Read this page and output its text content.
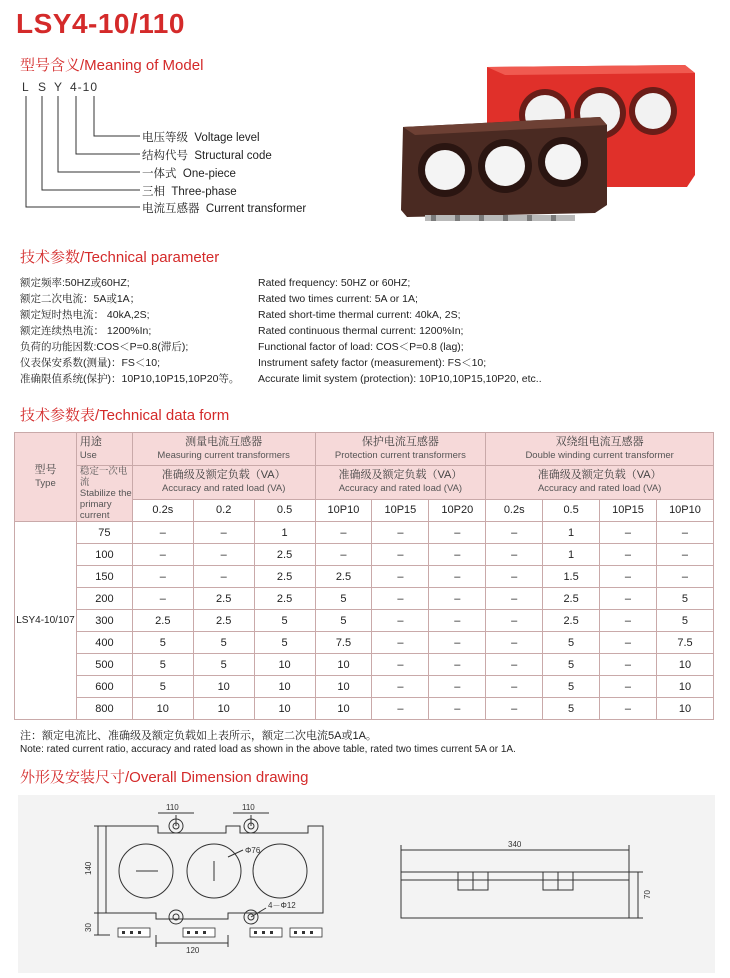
LSY4-10/110
型号含义/Meaning of Model
L S Y 4-10
电压等级 Voltage level
结构代号 Structural code
一体式 One-piece
三相 Three-phase
电流互感器 Current transformer
技术参数/Technical parameter
额定频率:50HZ或60HZ;
额定二次电流：5A或1A；
额定短时热电流： 40kA,2S;
额定连续热电流： 1200%In;
负荷的功能因数:COS＜P=0.8(滞后);
仪表保安系数(测量)：FS＜10;
准确限值系统(保护)：10P10,10P15,10P20等。
Rated frequency: 50HZ or 60HZ;
Rated two times current: 5A or 1A;
Rated short-time thermal current: 40kA, 2S;
Rated continuous thermal current: 1200%In;
Functional factor of load: COS＜P=0.8 (lag);
Instrument safety factor (measurement): FS＜10;
Accurate limit system (protection): 10P10,10P15,10P20, etc..
技术参数表/Technical data form
型号
Type	用途
Use	测量电流互感器
Measuring current transformers			保护电流互感器
Protection current transformers			双绕组电流互感器
Double winding current transformer			
	稳定一次电流
Stabilize the
primary current	准确级及额定负载（VA）
Accuracy and rated load (VA)			准确级及额定负载（VA）
Accuracy and rated load (VA)			准确级及额定负载（VA）
Accuracy and rated load (VA)			
		0.2s	0.2	0.5	10P10	10P15	10P20	0.2s	0.5	10P15	10P10
LSY4-10/107	75	–	–	1	–	–	–	–	1	–	–
	100	–	–	2.5	–	–	–	–	1	–	–
	150	–	–	2.5	2.5	–	–	–	1.5	–	–
	200	–	2.5	2.5	5	–	–	–	2.5	–	5
	300	2.5	2.5	5	5	–	–	–	2.5	–	5
	400	5	5	5	7.5	–	–	–	5	–	7.5
	500	5	5	10	10	–	–	–	5	–	10
	600	5	10	10	10	–	–	–	5	–	10
	800	10	10	10	10	–	–	–	5	–	10
注：额定电流比、准确级及额定负载如上表所示，额定二次电流5A或1A。
Note: rated current ratio, accuracy and rated load as shown in the above table, rated two times current 5A or 1A.
外形及安装尺寸/Overall Dimension drawing
110	110
Φ76
140
4－Φ12
30
120
340
70
